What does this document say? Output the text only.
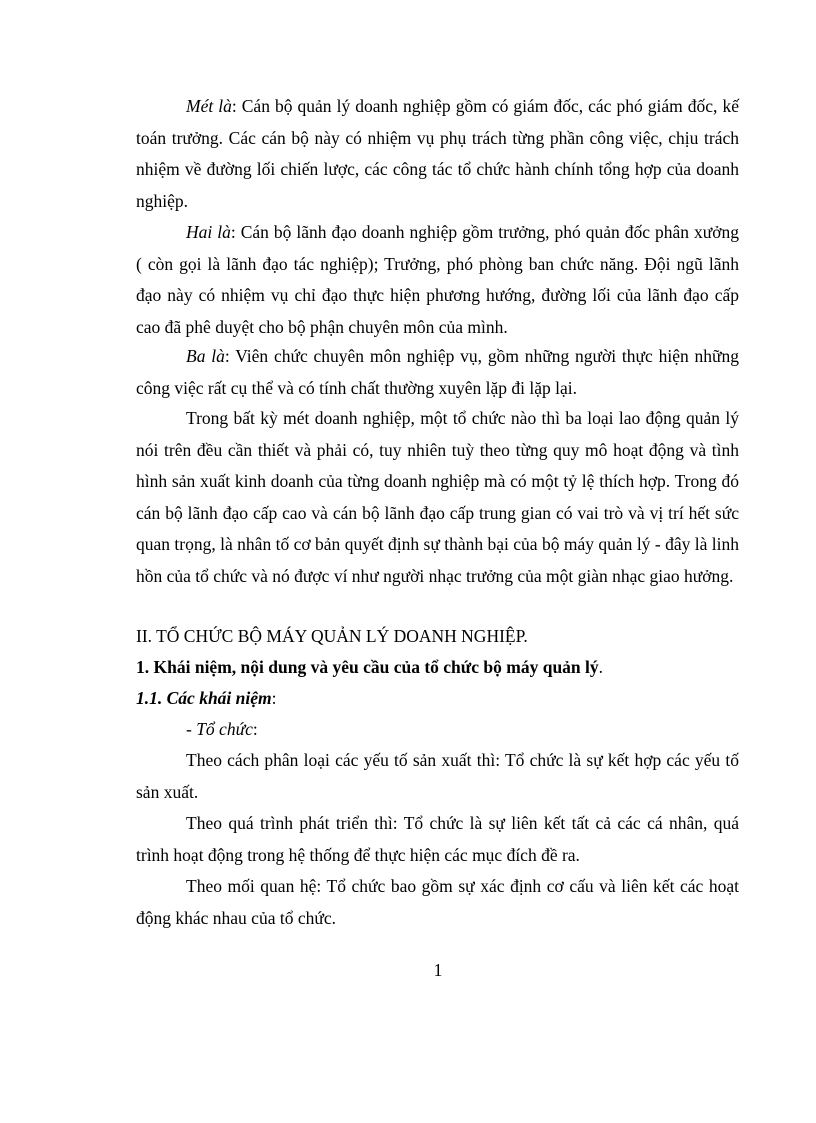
Mét là: Cán bộ quản lý doanh nghiệp gồm có giám đốc, các phó giám đốc, kế toán trưởng. Các cán bộ này có nhiệm vụ phụ trách từng phần công việc, chịu trách nhiệm về đường lối chiến lược, các công tác tổ chức hành chính tổng hợp của doanh nghiệp.
Hai là: Cán bộ lãnh đạo doanh nghiệp gồm trưởng, phó quản đốc phân xưởng ( còn gọi là lãnh đạo tác nghiệp); Trưởng, phó phòng ban chức năng. Đội ngũ lãnh đạo này có nhiệm vụ chỉ đạo thực hiện phương hướng, đường lối của lãnh đạo cấp cao đã phê duyệt cho bộ phận chuyên môn của mình.
Ba là: Viên chức chuyên môn nghiệp vụ, gồm những người thực hiện những công việc rất cụ thể và có tính chất thường xuyên lặp đi lặp lại.
Trong bất kỳ mét doanh nghiệp, một tổ chức nào thì ba loại lao động quản lý nói trên đều cần thiết và phải có, tuy nhiên tuỳ theo từng quy mô hoạt động và tình hình sản xuất kinh doanh của từng doanh nghiệp mà có một tỷ lệ thích hợp. Trong đó cán bộ lãnh đạo cấp cao và cán bộ lãnh đạo cấp trung gian có vai trò và vị trí hết sức quan trọng, là nhân tố cơ bản quyết định sự thành bại của bộ máy quản lý - đây là linh hồn của tổ chức và nó được ví như người nhạc trưởng của một giàn nhạc giao hưởng.
II. TỔ CHỨC BỘ MÁY QUẢN LÝ DOANH NGHIỆP.
1. Khái niệm, nội dung và yêu cầu của tổ chức bộ máy quản lý.
1.1. Các khái niệm:
- Tổ chức:
Theo cách phân loại các yếu tố sản xuất thì: Tổ chức là sự kết hợp các yếu tố sản xuất.
Theo quá trình phát triển thì: Tổ chức là sự liên kết tất cả các cá nhân, quá trình hoạt động trong hệ thống để thực hiện các mục đích đề ra.
Theo mối quan hệ: Tổ chức bao gồm sự xác định cơ cấu và liên kết các hoạt động khác nhau của tổ chức.
1
